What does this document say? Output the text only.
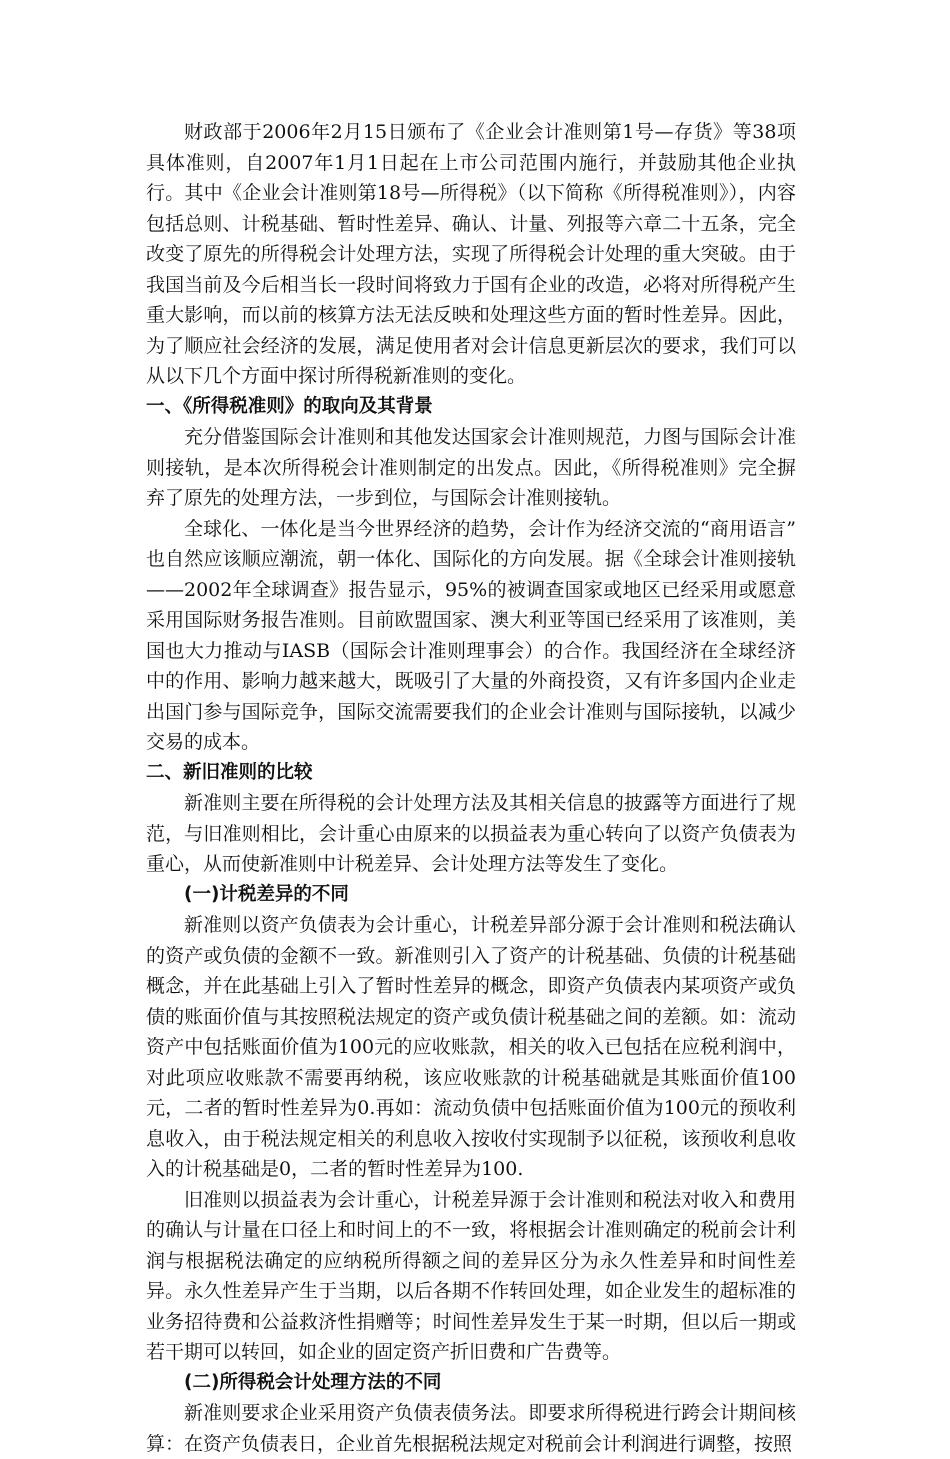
财政部于2006年2月15日颁布了《企业会计准则第1号—存货》等38项具体准则，自2007年1月1日起在上市公司范围内施行，并鼓励其他企业执行。其中《企业会计准则第18号—所得税》（以下简称《所得税准则》），内容包括总则、计税基础、暂时性差异、确认、计量、列报等六章二十五条，完全改变了原先的所得税会计处理方法，实现了所得税会计处理的重大突破。由于我国当前及今后相当长一段时间将致力于国有企业的改造，必将对所得税产生重大影响，而以前的核算方法无法反映和处理这些方面的暂时性差异。因此，为了顺应社会经济的发展，满足使用者对会计信息更新层次的要求，我们可以从以下几个方面中探讨所得税新准则的变化。

一、《所得税准则》的取向及其背景

充分借鉴国际会计准则和其他发达国家会计准则规范，力图与国际会计准则接轨，是本次所得税会计准则制定的出发点。因此，《所得税准则》完全摒弃了原先的处理方法，一步到位，与国际会计准则接轨。

全球化、一体化是当今世界经济的趋势，会计作为经济交流的“商用语言” 也自然应该顺应潮流，朝一体化、国际化的方向发展。据《全球会计准则接轨——2002年全球调查》报告显示，95%的被调查国家或地区已经采用或愿意采用国际财务报告准则。目前欧盟国家、澳大利亚等国已经采用了该准则，美国也大力推动与IASB（国际会计准则理事会）的合作。我国经济在全球经济中的作用、影响力越来越大，既吸引了大量的外商投资，又有许多国内企业走出国门参与国际竞争，国际交流需要我们的企业会计准则与国际接轨，以减少交易的成本。

二、新旧准则的比较

新准则主要在所得税的会计处理方法及其相关信息的披露等方面进行了规范，与旧准则相比，会计重心由原来的以损益表为重心转向了以资产负债表为重心，从而使新准则中计税差异、会计处理方法等发生了变化。

(一)计税差异的不同

新准则以资产负债表为会计重心，计税差异部分源于会计准则和税法确认的资产或负债的金额不一致。新准则引入了资产的计税基础、负债的计税基础概念，并在此基础上引入了暂时性差异的概念，即资产负债表内某项资产或负债的账面价值与其按照税法规定的资产或负债计税基础之间的差额。如：流动资产中包括账面价值为100元的应收账款，相关的收入已包括在应税利润中，对此项应收账款不需要再纳税，该应收账款的计税基础就是其账面价值100元，二者的暂时性差异为0.再如：流动负债中包括账面价值为100元的预收利息收入，由于税法规定相关的利息收入按收付实现制予以征税，该预收利息收入的计税基础是0，二者的暂时性差异为100.

旧准则以损益表为会计重心，计税差异源于会计准则和税法对收入和费用的确认与计量在口径上和时间上的不一致，将根据会计准则确定的税前会计利润与根据税法确定的应纳税所得额之间的差异区分为永久性差异和时间性差异。永久性差异产生于当期，以后各期不作转回处理，如企业发生的超标准的业务招待费和公益救济性捐赠等；时间性差异发生于某一时期，但以后一期或若干期可以转回，如企业的固定资产折旧费和广告费等。

(二)所得税会计处理方法的不同

新准则要求企业采用资产负债表债务法。即要求所得税进行跨会计期间核算：在资产负债表日，企业首先根据税法规定对税前会计利润进行调整，按照
